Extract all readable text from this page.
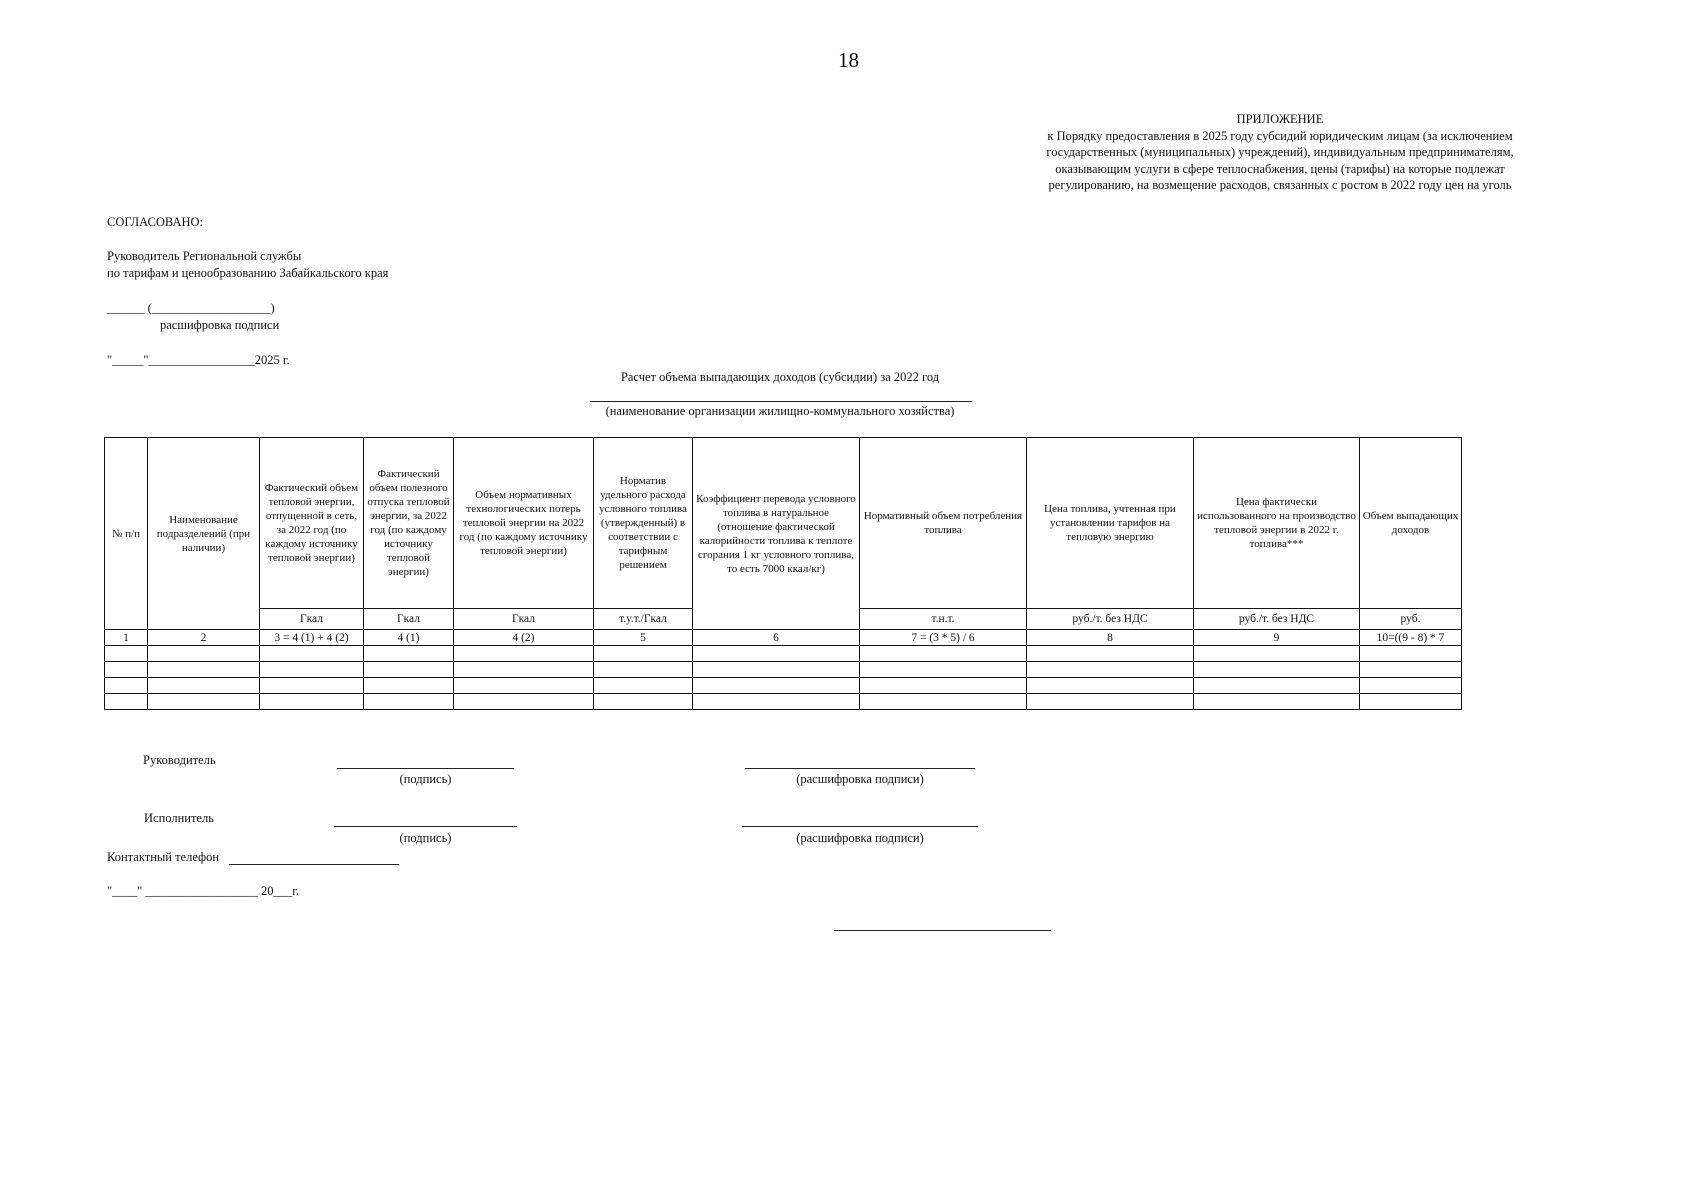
18
ПРИЛОЖЕНИЕ
к Порядку предоставления в 2025 году субсидий юридическим лицам (за исключением
государственных (муниципальных) учреждений), индивидуальным предпринимателям,
оказывающим услуги в сфере теплоснабжения, цены (тарифы) на которые подлежат
регулированию, на возмещение расходов, связанных с ростом в 2022 году цен на уголь
СОГЛАСОВАНО:
Руководитель Региональной службы
по тарифам и ценообразованию Забайкальского края
______ (___________________)
расшифровка подписи
"_____"_________________2025 г.
Расчет объема выпадающих доходов (субсидии) за 2022 год
(наименование организации жилищно-коммунального хозяйства)
№ п/п	Наименование подразделений (при наличии)	Фактический объем тепловой энергии, отпущенной в сеть, за 2022 год (по каждому источнику тепловой энергии)	Фактический объем полезного отпуска тепловой энергии, за 2022 год (по каждому источнику тепловой энергии)	Объем нормативных технологических потерь тепловой энергии на 2022 год (по каждому источнику тепловой энергии)	Норматив удельного расхода условного топлива (утвержденный) в соответствии с тарифным решением	Коэффициент перевода условного топлива в натуральное (отношение фактической калорийности топлива к теплоте сгорания 1 кг условного топлива, то есть 7000 ккал/кг)	Нормативный объем потребления топлива	Цена топлива, учтенная при установлении тарифов на тепловую энергию	Цена фактически использованного на производство тепловой энергии в 2022 г. топлива***	Объем выпадающих доходов
		Гкал	Гкал	Гкал	т.у.т./Гкал		т.н.т.	руб./т. без НДС	руб./т. без НДС	руб.
1	2	3 = 4 (1) + 4 (2)	4 (1)	4 (2)	5	6	7 = (3 * 5) / 6	8	9	10=((9 - 8) * 7

Руководитель
(подпись)	(расшифровка подписи)
Исполнитель
(подпись)	(расшифровка подписи)
Контактный телефон
"____" __________________ 20___г.
